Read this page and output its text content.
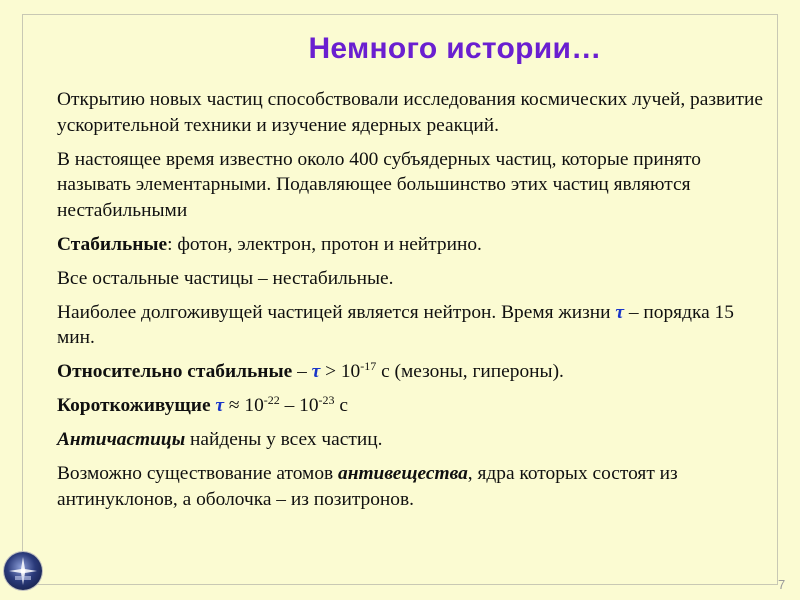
Немного истории…

Открытию новых частиц способствовали исследования космических лучей, развитие ускорительной техники и изучение ядерных реакций.

В настоящее время известно около 400 субъядерных частиц, которые принято называть элементарными. Подавляющее большинство этих частиц являются нестабильными

Стабильные: фотон, электрон, протон и нейтрино.

Все остальные частицы – нестабильные.

Наиболее долгоживущей частицей является нейтрон. Время жизни τ – порядка 15 мин.

Относительно стабильные – $\tau > 10^{-17}$ с (мезоны, гипероны).

Короткоживущие $\tau \approx 10^{-22} - 10^{-23}$ с

Античастицы найдены у всех частиц.

Возможно существование атомов антивещества, ядра которых состоят из антинуклонов, а оболочка – из позитронов.

7
